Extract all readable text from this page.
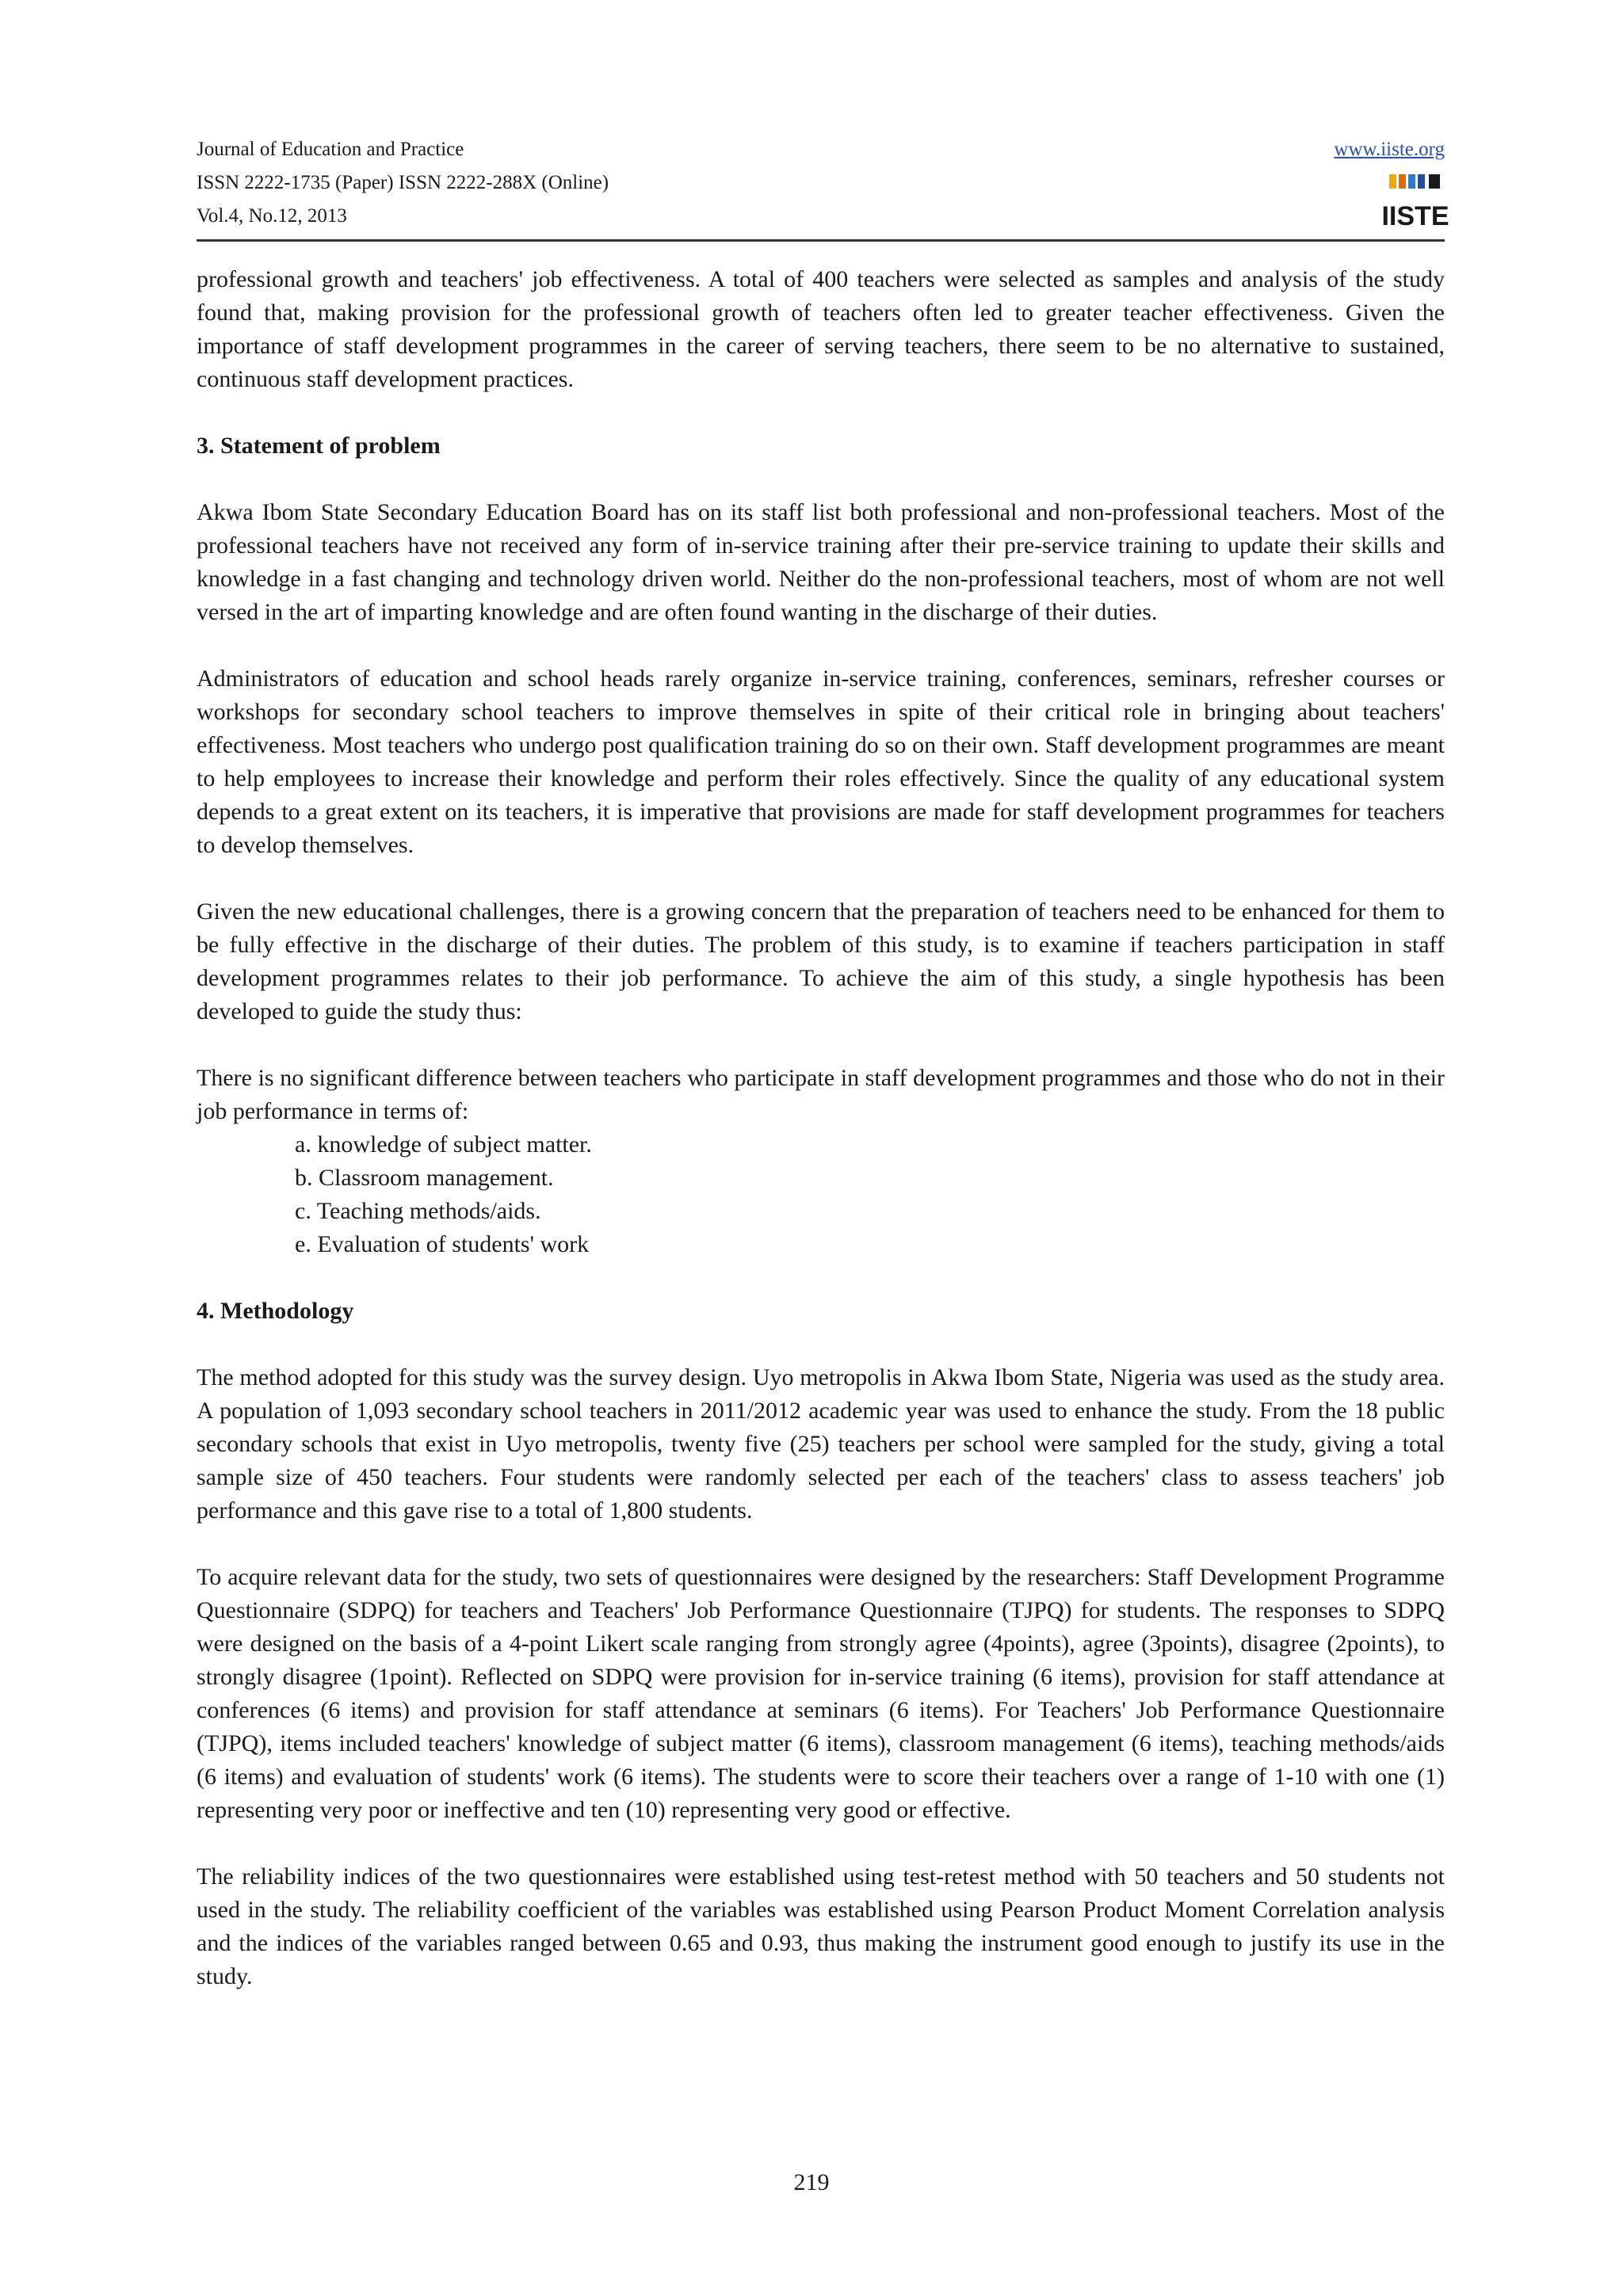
Journal of Education and Practice
ISSN 2222-1735 (Paper) ISSN 2222-288X (Online)
Vol.4, No.12, 2013
www.iiste.org
IISTE

professional growth and teachers' job effectiveness. A total of 400 teachers were selected as samples and analysis of the study found that, making provision for the professional growth of teachers often led to greater teacher effectiveness. Given the importance of staff development programmes in the career of serving teachers, there seem to be no alternative to sustained, continuous staff development practices.

3. Statement of problem

Akwa Ibom State Secondary Education Board has on its staff list both professional and non-professional teachers. Most of the professional teachers have not received any form of in-service training after their pre-service training to update their skills and knowledge in a fast changing and technology driven world. Neither do the non-professional teachers, most of whom are not well versed in the art of imparting knowledge and are often found wanting in the discharge of their duties.

Administrators of education and school heads rarely organize in-service training, conferences, seminars, refresher courses or workshops for secondary school teachers to improve themselves in spite of their critical role in bringing about teachers' effectiveness. Most teachers who undergo post qualification training do so on their own. Staff development programmes are meant to help employees to increase their knowledge and perform their roles effectively. Since the quality of any educational system depends to a great extent on its teachers, it is imperative that provisions are made for staff development programmes for teachers to develop themselves.

Given the new educational challenges, there is a growing concern that the preparation of teachers need to be enhanced for them to be fully effective in the discharge of their duties. The problem of this study, is to examine if teachers participation in staff development programmes relates to their job performance. To achieve the aim of this study, a single hypothesis has been developed to guide the study thus:

There is no significant difference between teachers who participate in staff development programmes and those who do not in their job performance in terms of:

a. knowledge of subject matter.
b. Classroom management.
c. Teaching methods/aids.
e. Evaluation of students' work
4. Methodology

The method adopted for this study was the survey design. Uyo metropolis in Akwa Ibom State, Nigeria was used as the study area. A population of 1,093 secondary school teachers in 2011/2012 academic year was used to enhance the study. From the 18 public secondary schools that exist in Uyo metropolis, twenty five (25) teachers per school were sampled for the study, giving a total sample size of 450 teachers. Four students were randomly selected per each of the teachers' class to assess teachers' job performance and this gave rise to a total of 1,800 students.

To acquire relevant data for the study, two sets of questionnaires were designed by the researchers: Staff Development Programme Questionnaire (SDPQ) for teachers and Teachers' Job Performance Questionnaire (TJPQ) for students. The responses to SDPQ were designed on the basis of a 4-point Likert scale ranging from strongly agree (4points), agree (3points), disagree (2points), to strongly disagree (1point). Reflected on SDPQ were provision for in-service training (6 items), provision for staff attendance at conferences (6 items) and provision for staff attendance at seminars (6 items). For Teachers' Job Performance Questionnaire (TJPQ), items included teachers' knowledge of subject matter (6 items), classroom management (6 items), teaching methods/aids (6 items) and evaluation of students' work (6 items). The students were to score their teachers over a range of 1-10 with one (1) representing very poor or ineffective and ten (10) representing very good or effective.

The reliability indices of the two questionnaires were established using test-retest method with 50 teachers and 50 students not used in the study. The reliability coefficient of the variables was established using Pearson Product Moment Correlation analysis and the indices of the variables ranged between 0.65 and 0.93, thus making the instrument good enough to justify its use in the study.

219
